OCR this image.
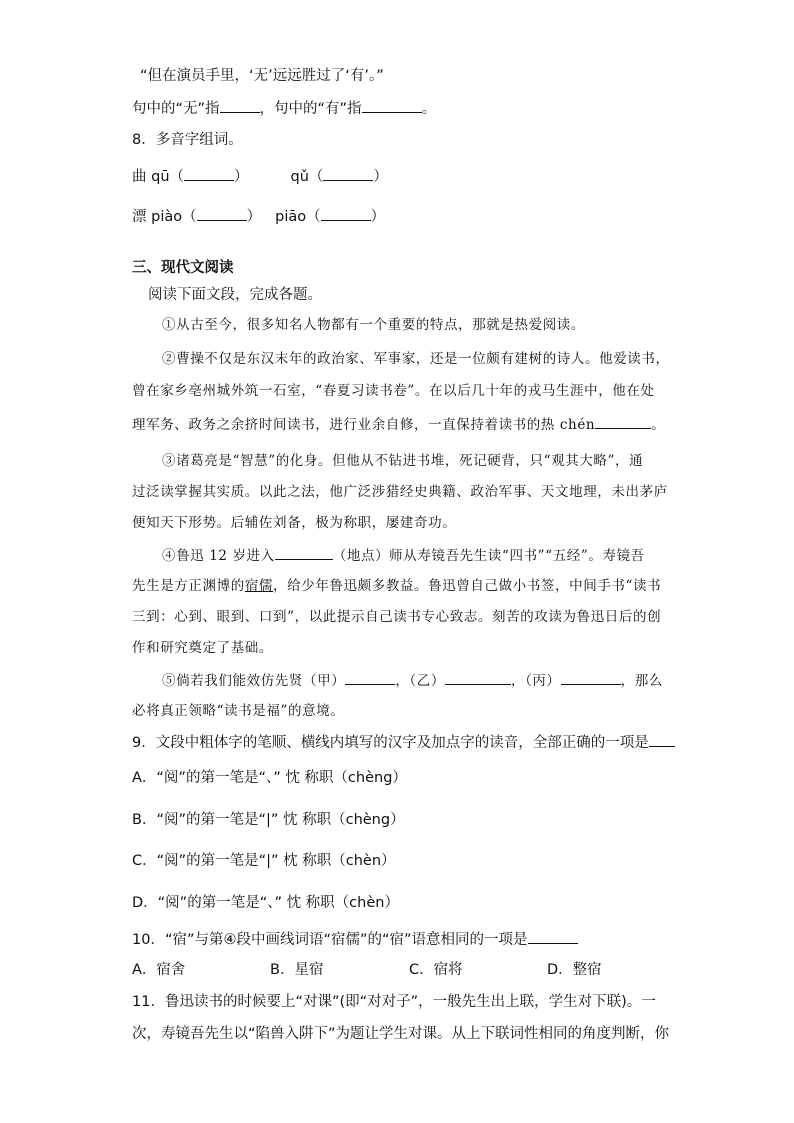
“但在演员手里，‘无’远远胜过了‘有’。”
句中的“无”指	，句中的“有”指	。
8．多音字组词。
曲 qū（	）	qǔ（	）
漂 piào（	） piāo（	）
三、现代文阅读
阅读下面文段，完成各题。
①从古至今，很多知名人物都有一个重要的特点，那就是热爱阅读。
②曹操不仅是东汉末年的政治家、军事家，还是一位颇有建树的诗人。他爱读书，
曾在家乡亳州城外筑一石室，“春夏习读书卷”。在以后几十年的戎马生涯中，他在处
理军务、政务之余挤时间读书，进行业余自修，一直保持着读书的热 chén	。
③诸葛亮是“智慧”的化身。但他从不钻进书堆，死记硬背，只“观其大略”，通
过泛读掌握其实质。以此之法，他广泛涉猎经史典籍、政治军事、天文地理，未出茅庐
便知天下形势。后辅佐刘备，极为称职，屡建奇功。
④鲁迅 12 岁进入	（地点）师从寿镜吾先生读“四书”“五经”。寿镜吾
先生是方正渊博的宿儒，给少年鲁迅颇多教益。鲁迅曾自己做小书签，中间手书“读书
三到：心到、眼到、口到”，以此提示自己读书专心致志。刻苦的攻读为鲁迅日后的创
作和研究奠定了基础。
⑤倘若我们能效仿先贤（甲）	，（乙）	，（丙）	，那么
必将真正领略“读书是福”的意境。
9．文段中粗体字的笔顺、横线内填写的汉字及加点字的读音，全部正确的一项是
A．“阅”的第一笔是“、” 忱 称职（chèng）
B．“阅”的第一笔是“|” 忱 称职（chèng）
C．“阅”的第一笔是“|” 枕 称职（chèn）
D．“阅”的第一笔是“、” 忱 称职（chèn）
10．“宿”与第④段中画线词语“宿儒”的“宿”语意相同的一项是
A．宿舍	B．星宿	C．宿将	D．整宿
11．鲁迅读书的时候要上“对课”(即“对对子”，一般先生出上联，学生对下联)。一
次，寿镜吾先生以“陷兽入阱下”为题让学生对课。从上下联词性相同的角度判断，你
